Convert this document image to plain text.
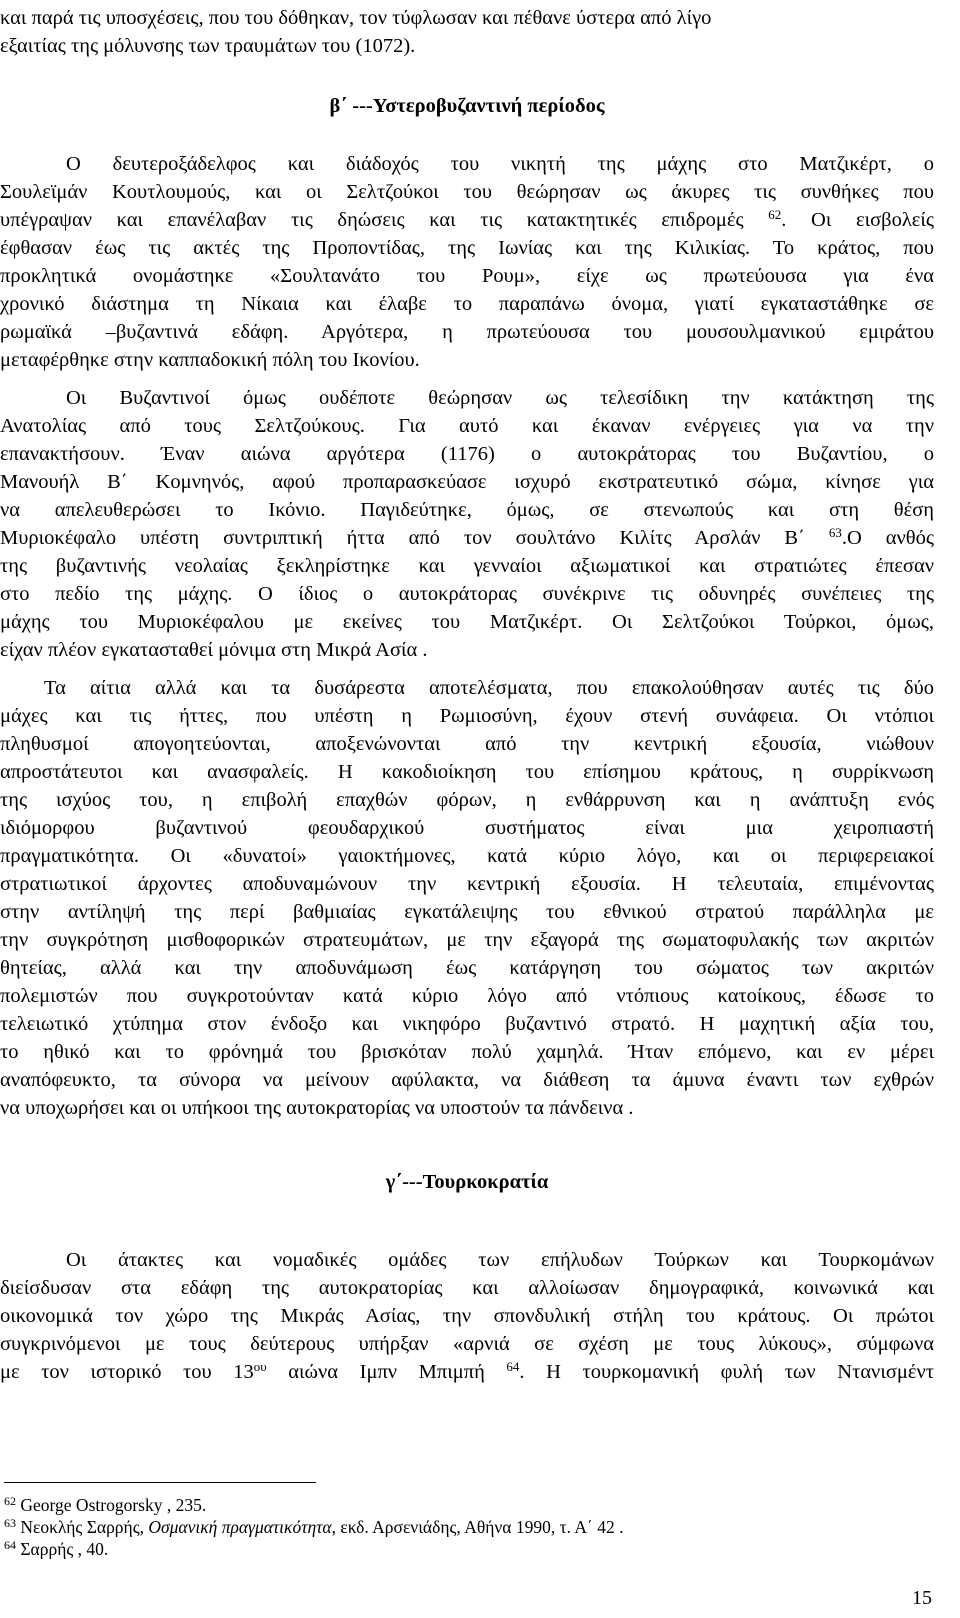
και παρά τις υποσχέσεις, που του δόθηκαν, τον τύφλωσαν και πέθανε ύστερα από λίγο
εξαιτίας της μόλυνσης των τραυμάτων του (1072).
β΄ ---Υστεροβυζαντινή περίοδος
Ο δευτεροξάδελφος και διάδοχός του νικητή της μάχης στο Ματζικέρτ, ο
Σουλεϊμάν Κουτλουμούς, και οι Σελτζούκοι του θεώρησαν ως άκυρες τις συνθήκες που
υπέγραψαν και επανέλαβαν τις δηώσεις και τις κατακτητικές επιδρομές $^{62}$. Οι εισβολείς
έφθασαν έως τις ακτές της Προποντίδας, της Ιωνίας και της Κιλικίας. Το κράτος, που
προκλητικά ονομάστηκε «Σουλτανάτο του Ρουμ», είχε ως πρωτεύουσα για ένα
χρονικό διάστημα τη Νίκαια και έλαβε το παραπάνω όνομα, γιατί εγκαταστάθηκε σε
ρωμαϊκά –βυζαντινά εδάφη. Αργότερα, η πρωτεύουσα του μουσουλμανικού εμιράτου
μεταφέρθηκε στην καππαδοκική πόλη του Ικονίου.
Οι Βυζαντινοί όμως ουδέποτε θεώρησαν ως τελεσίδικη την κατάκτηση της
Ανατολίας από τους Σελτζούκους. Για αυτό και έκαναν ενέργειες για να την
επανακτήσουν. Έναν αιώνα αργότερα (1176) ο αυτοκράτορας του Βυζαντίου, ο
Μανουήλ Β΄ Κομνηνός, αφού προπαρασκεύασε ισχυρό εκστρατευτικό σώμα, κίνησε για
να απελευθερώσει το Ικόνιο. Παγιδεύτηκε, όμως, σε στενωπούς και στη θέση
Μυριοκέφαλο υπέστη συντριπτική ήττα από τον σουλτάνο Κιλίτς Αρσλάν Β΄ $^{63}$.Ο ανθός
της βυζαντινής νεολαίας ξεκληρίστηκε και γενναίοι αξιωματικοί και στρατιώτες έπεσαν
στο πεδίο της μάχης. Ο ίδιος ο αυτοκράτορας συνέκρινε τις οδυνηρές συνέπειες της
μάχης του Μυριοκέφαλου με εκείνες του Ματζικέρτ. Οι Σελτζούκοι Τούρκοι, όμως,
είχαν πλέον εγκατασταθεί μόνιμα στη Μικρά Ασία .
Τα αίτια αλλά και τα δυσάρεστα αποτελέσματα, που επακολούθησαν αυτές τις δύο
μάχες και τις ήττες, που υπέστη η Ρωμιοσύνη, έχουν στενή συνάφεια. Οι ντόπιοι
πληθυσμοί απογοητεύονται, αποξενώνονται από την κεντρική εξουσία, νιώθουν
απροστάτευτοι και ανασφαλείς. Η κακοδιοίκηση του επίσημου κράτους, η συρρίκνωση
της ισχύος του, η επιβολή επαχθών φόρων, η ενθάρρυνση και η ανάπτυξη ενός
ιδιόμορφου βυζαντινού φεουδαρχικού συστήματος είναι μια χειροπιαστή
πραγματικότητα. Οι «δυνατοί» γαιοκτήμονες, κατά κύριο λόγο, και οι περιφερειακοί
στρατιωτικοί άρχοντες αποδυναμώνουν την κεντρική εξουσία. Η τελευταία, επιμένοντας
στην αντίληψή της περί βαθμιαίας εγκατάλειψης του εθνικού στρατού παράλληλα με
την συγκρότηση μισθοφορικών στρατευμάτων, με την εξαγορά της σωματοφυλακής των ακριτών
θητείας, αλλά και την αποδυνάμωση έως κατάργηση του σώματος των ακριτών
πολεμιστών που συγκροτούνταν κατά κύριο λόγο από ντόπιους κατοίκους, έδωσε το
τελειωτικό χτύπημα στον ένδοξο και νικηφόρο βυζαντινό στρατό. Η μαχητική αξία του,
το ηθικό και το φρόνημά του βρισκόταν πολύ χαμηλά. Ήταν επόμενο, και εν μέρει
αναπόφευκτο, τα σύνορα να μείνουν αφύλακτα, να διάθεση τα άμυνα έναντι των εχθρών
να υποχωρήσει και οι υπήκοοι της αυτοκρατορίας να υποστούν τα πάνδεινα .
γ΄---Τουρκοκρατία
Οι άτακτες και νομαδικές ομάδες των επήλυδων Τούρκων και Τουρκομάνων
διείσδυσαν στα εδάφη της αυτοκρατορίας και αλλοίωσαν δημογραφικά, κοινωνικά και
οικονομικά τον χώρο της Μικράς Ασίας, την σπονδυλική στήλη του κράτους. Οι πρώτοι
συγκρινόμενοι με τους δεύτερους υπήρξαν «αρνιά σε σχέση με τους λύκους», σύμφωνα
με τον ιστορικό του $13^{o\upsilon}$ αιώνα Ιμπν Μπιμπή $^{64}$. Η τουρκομανική φυλή των Ντανισμέντ
$^{62}$ George Ostrogorsky , 235.
$^{63}$ Νεοκλής Σαρρής, Οσμανική πραγματικότητα, εκδ. Αρσενιάδης, Αθήνα 1990, τ. Α΄ 42 .
$^{64}$ Σαρρής , 40.
15
